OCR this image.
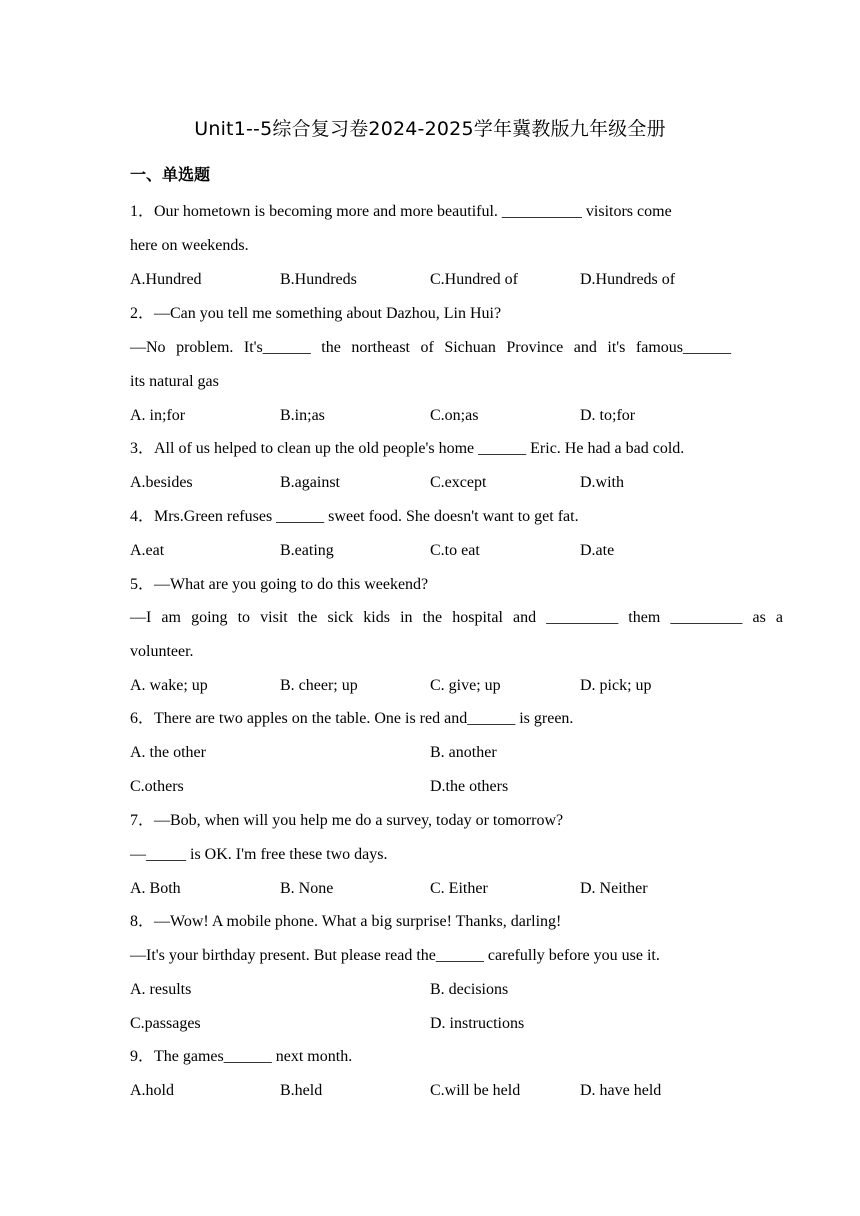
Unit1--5综合复习卷2024-2025学年冀教版九年级全册
一、单选题
1．Our hometown is becoming more and more beautiful. __________ visitors come
here on weekends.
A.Hundred	B.Hundreds	C.Hundred of	D.Hundreds of
2．—Can you tell me something about Dazhou, Lin Hui?
—No problem. It's______ the northeast of Sichuan Province and it's famous______
its natural gas
A. in;for	B.in;as	C.on;as	D. to;for
3．All of us helped to clean up the old people's home ______ Eric. He had a bad cold.
A.besides	B.against	C.except	D.with
4．Mrs.Green refuses ______ sweet food. She doesn't want to get fat.
A.eat	B.eating	C.to eat	D.ate
5．—What are you going to do this weekend?
—I am going to visit the sick kids in the hospital and _________ them _________ as a
volunteer.
A. wake; up	B. cheer; up	C. give; up	D. pick; up
6．There are two apples on the table. One is red and______ is green.
A. the other	B. another
C.others	D.the others
7．—Bob, when will you help me do a survey, today or tomorrow?
—_____ is OK. I'm free these two days.
A. Both	B. None	C. Either	D. Neither
8．—Wow! A mobile phone. What a big surprise! Thanks, darling!
—It's your birthday present. But please read the______ carefully before you use it.
A. results	B. decisions
C.passages	D. instructions
9．The games______ next month.
A.hold	B.held	C.will be held	D. have held
